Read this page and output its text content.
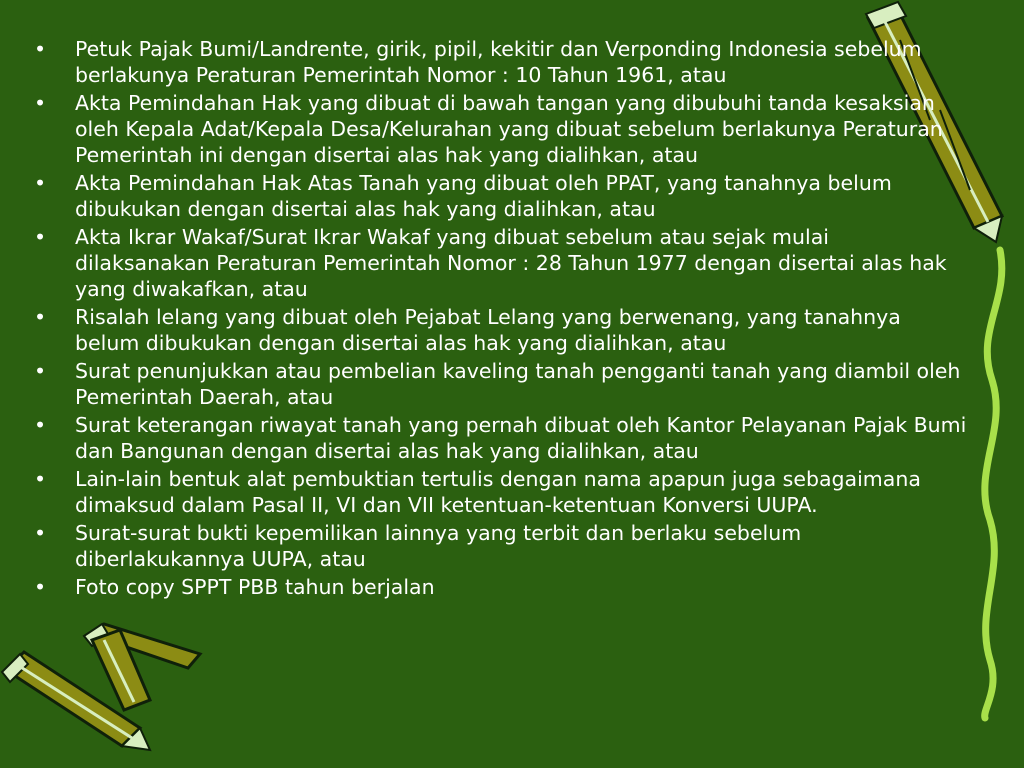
• Petuk Pajak Bumi/Landrente, girik, pipil, kekitir dan Verponding Indonesia sebelum berlakunya Peraturan Pemerintah Nomor : 10 Tahun 1961, atau
• Akta Pemindahan Hak yang dibuat di bawah tangan yang dibubuhi tanda kesaksian oleh Kepala Adat/Kepala Desa/Kelurahan yang dibuat sebelum berlakunya Peraturan Pemerintah ini dengan disertai alas hak yang dialihkan, atau
• Akta Pemindahan Hak Atas Tanah yang dibuat oleh PPAT, yang tanahnya belum dibukukan dengan disertai alas hak yang dialihkan, atau
• Akta Ikrar Wakaf/Surat Ikrar Wakaf yang dibuat sebelum atau sejak mulai dilaksanakan Peraturan Pemerintah Nomor : 28 Tahun 1977 dengan disertai alas hak yang diwakafkan, atau
• Risalah lelang yang dibuat oleh Pejabat Lelang yang berwenang, yang tanahnya belum dibukukan dengan disertai alas hak yang dialihkan, atau
• Surat penunjukkan atau pembelian kaveling tanah pengganti tanah yang diambil oleh Pemerintah Daerah, atau
• Surat keterangan riwayat tanah yang pernah dibuat oleh Kantor Pelayanan Pajak Bumi dan Bangunan dengan disertai alas hak yang dialihkan, atau
• Lain-lain bentuk alat pembuktian tertulis dengan nama apapun juga sebagaimana dimaksud dalam Pasal II, VI dan VII ketentuan-ketentuan Konversi UUPA.
• Surat-surat bukti kepemilikan lainnya yang terbit dan berlaku sebelum diberlakukannya UUPA, atau
• Foto copy SPPT PBB tahun berjalan
